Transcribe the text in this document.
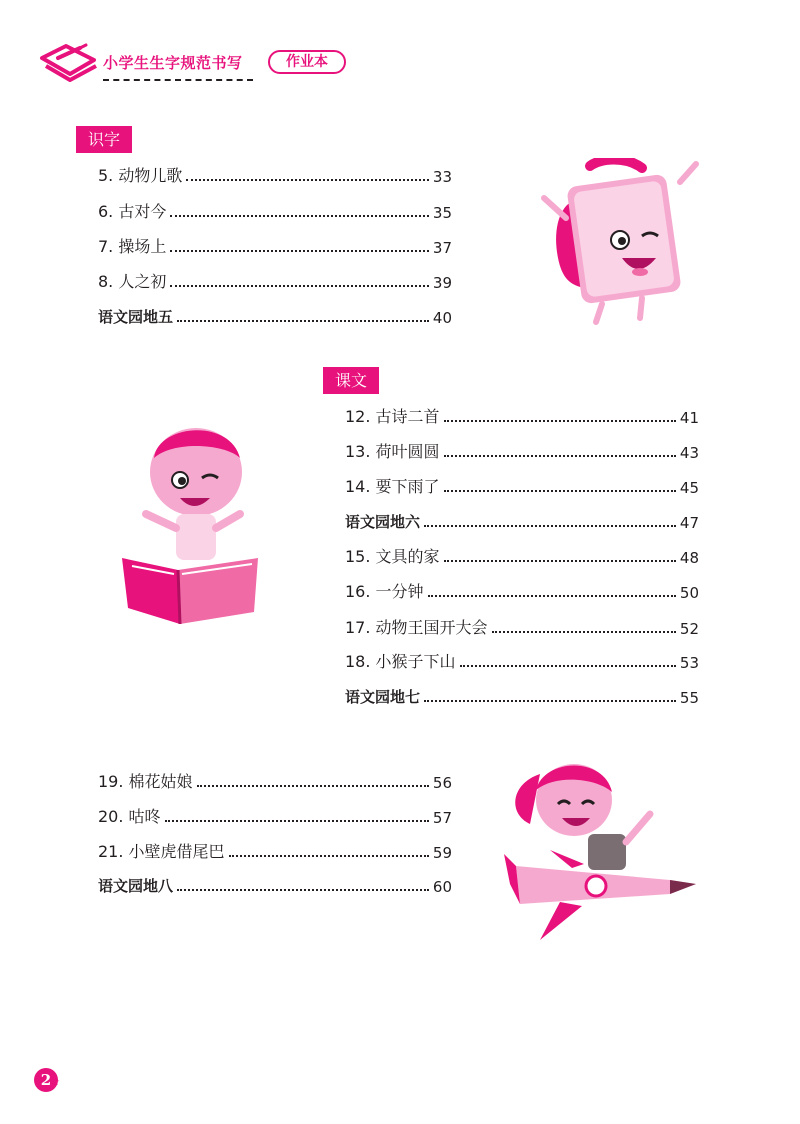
小学生生字规范书写	作业本
识字
5. 动物儿歌	33
6. 古对今	35
7. 操场上	37
8. 人之初	39
语文园地五	40
课文
12. 古诗二首	41
13. 荷叶圆圆	43
14. 要下雨了	45
语文园地六	47
15. 文具的家	48
16. 一分钟	50
17. 动物王国开大会	52
18. 小猴子下山	53
语文园地七	55
19. 棉花姑娘	56
20. 咕咚	57
21. 小壁虎借尾巴	59
语文园地八	60
2 ☆
